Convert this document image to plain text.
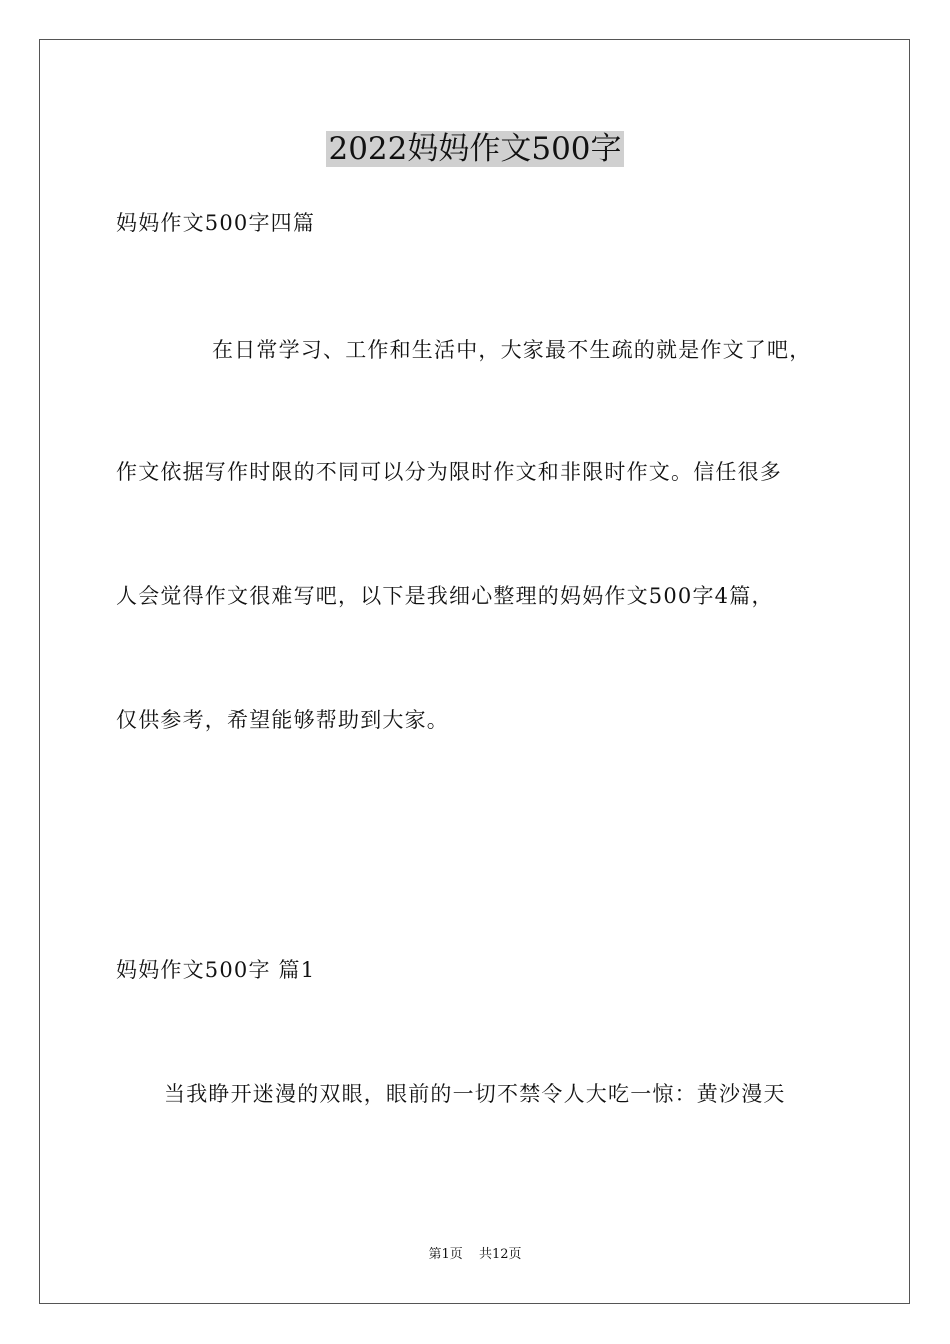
2022妈妈作文500字
妈妈作文500字四篇
在日常学习、工作和生活中，大家最不生疏的就是作文了吧，
作文依据写作时限的不同可以分为限时作文和非限时作文。信任很多
人会觉得作文很难写吧，以下是我细心整理的妈妈作文500字4篇，
仅供参考，希望能够帮助到大家。
妈妈作文500字 篇1
当我睁开迷漫的双眼，眼前的一切不禁令人大吃一惊：黄沙漫天
第1页 共12页
